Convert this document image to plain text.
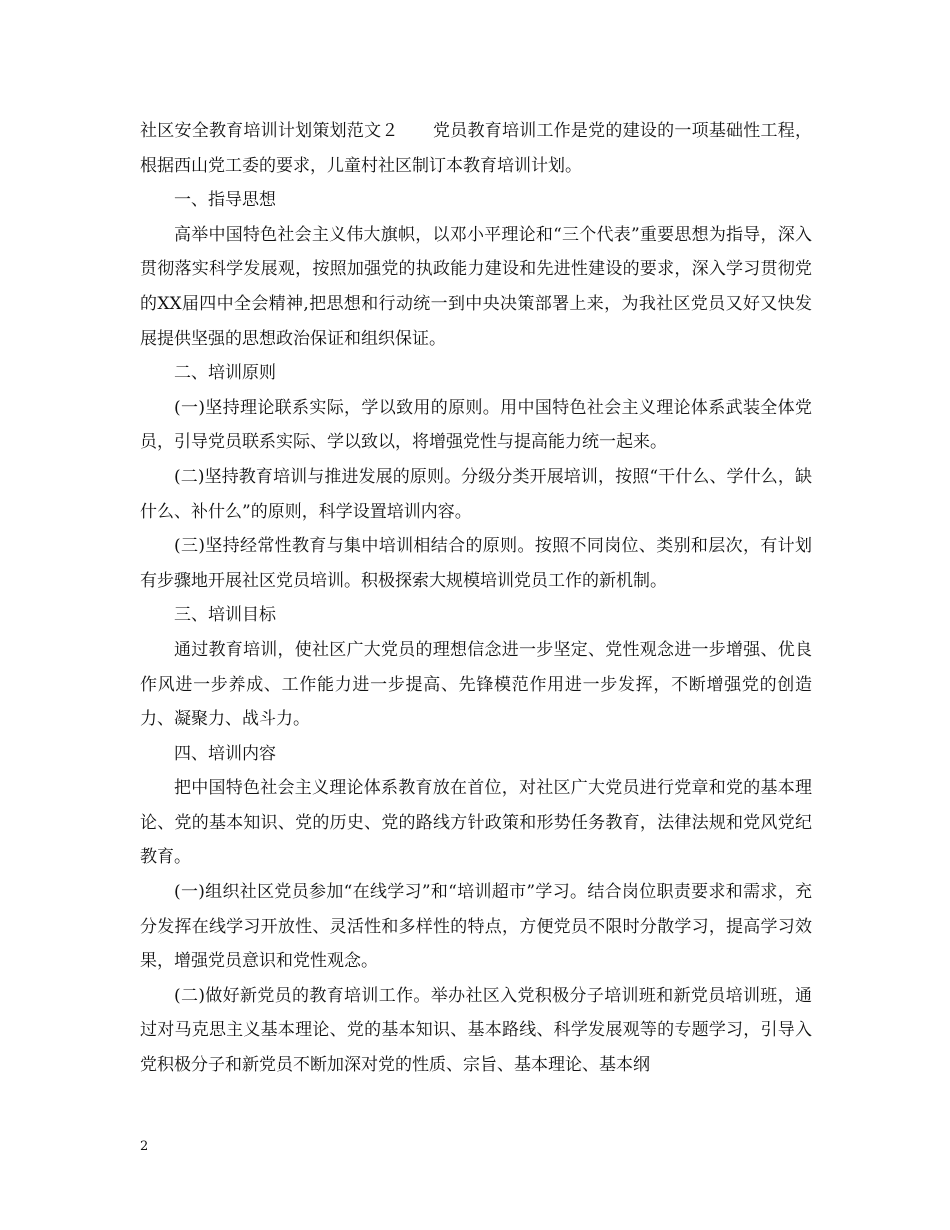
社区安全教育培训计划策划范文２　　党员教育培训工作是党的建设的一项基础性工程，根据西山党工委的要求，儿童村社区制订本教育培训计划。

一、指导思想

高举中国特色社会主义伟大旗帜，以邓小平理论和“三个代表”重要思想为指导，深入贯彻落实科学发展观，按照加强党的执政能力建设和先进性建设的要求，深入学习贯彻党的XX届四中全会精神,把思想和行动统一到中央决策部署上来，为我社区党员又好又快发展提供坚强的思想政治保证和组织保证。

二、培训原则

(一)坚持理论联系实际，学以致用的原则。用中国特色社会主义理论体系武装全体党员，引导党员联系实际、学以致以，将增强党性与提高能力统一起来。

(二)坚持教育培训与推进发展的原则。分级分类开展培训，按照“干什么、学什么，缺什么、补什么”的原则，科学设置培训内容。

(三)坚持经常性教育与集中培训相结合的原则。按照不同岗位、类别和层次，有计划有步骤地开展社区党员培训。积极探索大规模培训党员工作的新机制。

三、培训目标

通过教育培训，使社区广大党员的理想信念进一步坚定、党性观念进一步增强、优良作风进一步养成、工作能力进一步提高、先锋模范作用进一步发挥，不断增强党的创造力、凝聚力、战斗力。

四、培训内容

把中国特色社会主义理论体系教育放在首位，对社区广大党员进行党章和党的基本理论、党的基本知识、党的历史、党的路线方针政策和形势任务教育，法律法规和党风党纪教育。

(一)组织社区党员参加“在线学习”和“培训超市”学习。结合岗位职责要求和需求，充分发挥在线学习开放性、灵活性和多样性的特点，方便党员不限时分散学习，提高学习效果，增强党员意识和党性观念。

(二)做好新党员的教育培训工作。举办社区入党积极分子培训班和新党员培训班，通过对马克思主义基本理论、党的基本知识、基本路线、科学发展观等的专题学习，引导入党积极分子和新党员不断加深对党的性质、宗旨、基本理论、基本纲

2
